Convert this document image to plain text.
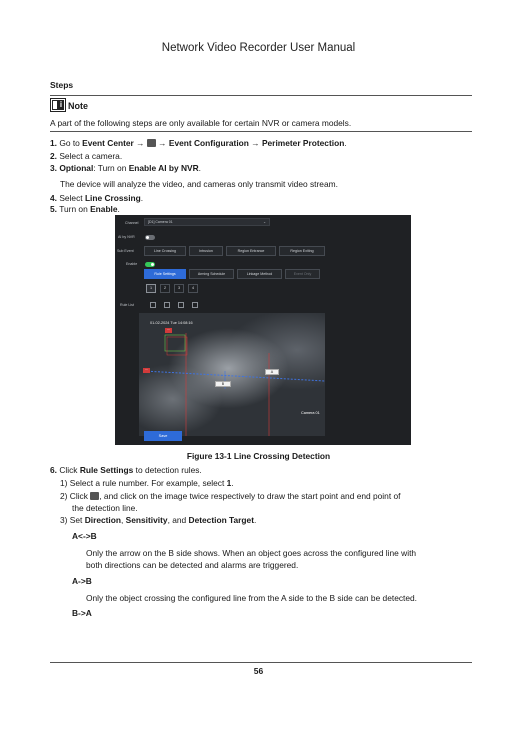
Network Video Recorder User Manual
Steps
i Note
A part of the following steps are only available for certain NVR or camera models.
1. Go to Event Center →  → Event Configuration → Perimeter Protection.
2. Select a camera.
3. Optional: Turn on Enable AI by NVR.
The device will analyze the video, and cameras only transmit video stream.
4. Select Line Crossing.
5. Turn on Enable.
Channel	[D1] Camera 01	⌄
AI by NVR
Sub Event	Line Crossing	Intrusion	Region Entrance	Region Exiting
Enable
Rule Settings	Arming Schedule	Linkage Method	Event Only
1	2	3	4
Rule List
01-02-2024 Tue 14:08:16
···
···	A
B
Camera 01
Save
Figure 13-1 Line Crossing Detection
6. Click Rule Settings to detection rules.
1) Select a rule number. For example, select 1.
2) Click , and click on the image twice respectively to draw the start point and end point of
the detection line.
3) Set Direction, Sensitivity, and Detection Target.
A<->B
Only the arrow on the B side shows. When an object goes across the configured line with
both directions can be detected and alarms are triggered.
A->B
Only the object crossing the configured line from the A side to the B side can be detected.
B->A
56
